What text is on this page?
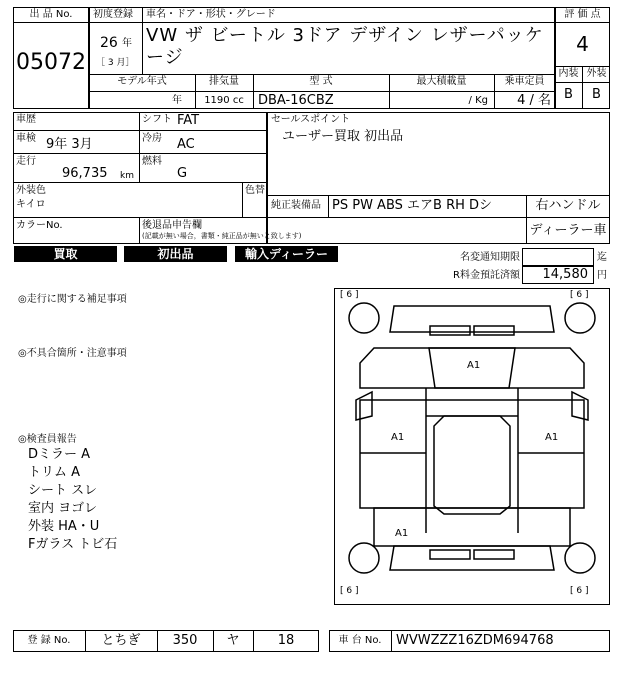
出 品 No.
05072
初度登録
26 年
［ 3 月］
車名・ドア・形状・グレード
VW ザ ビートル 3ドア デザイン レザーパッケージ
評 価 点
4
内装 外装
B	B
モデル年式
年
排気量
1190 cc
型 式
DBA-16CBZ
最大積載量
/ Kg
乗車定員
4 / 名
車歴	シフト FAT
車検 9年 3月	冷房 AC
走行
96,735 km
燃料
G
外装色
キイロ
色替
カラーNo.	後退品申告欄
(記載が無い場合，書類・純正品が無いと致します)
セールスポイント
ユーザー買取 初出品
純正装備品 PS PW ABS エアB RH Dシ	右ハンドル
ディーラー車
買取	初出品	輸入ディーラー	名変通知期限	迄
R料金預託済額	14,580 円
◎走行に関する補足事項
◎不具合箇所・注意事項
◎検査員報告
Dミラー A
トリム A
シート スレ
室内 ヨゴレ
外装 HA・U
Fガラス トビ石
[ 6 ]	[ 6 ]
[ 6 ]	[ 6 ]
A1
A1	A1
A1
登 録 No.	とちぎ	350	ヤ	18	車 台 No.	WVWZZZ16ZDM694768
